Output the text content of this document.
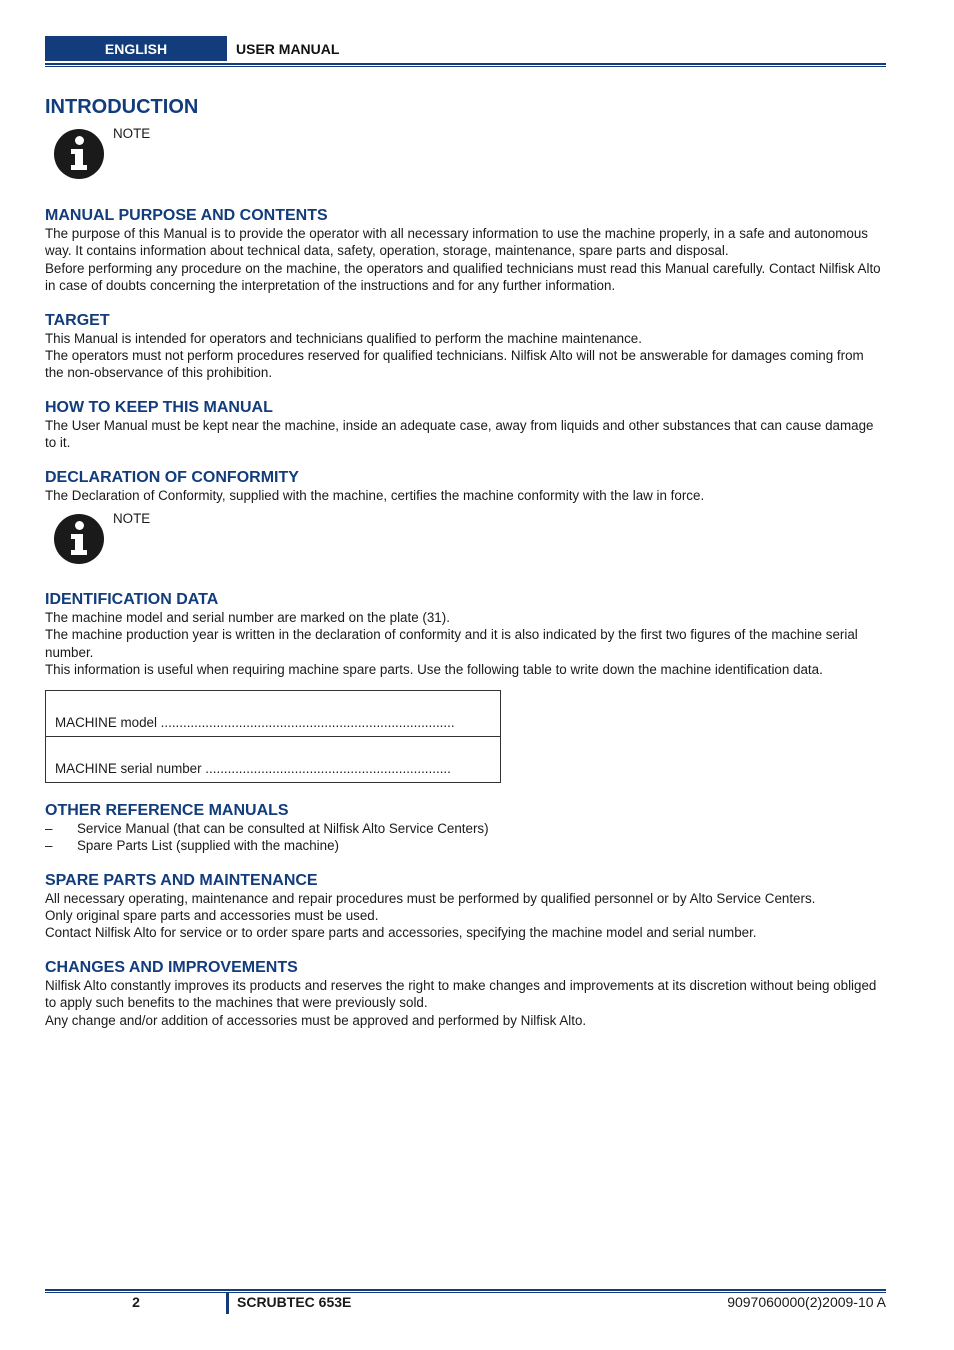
ENGLISH	USER MANUAL
INTRODUCTION
NOTE
MANUAL PURPOSE AND CONTENTS

The purpose of this Manual is to provide the operator with all necessary information to use the machine properly, in a safe and autonomous way. It contains information about technical data, safety, operation, storage, maintenance, spare parts and disposal.

Before performing any procedure on the machine, the operators and qualified technicians must read this Manual carefully. Contact Nilfisk Alto in case of doubts concerning the interpretation of the instructions and for any further information.

TARGET

This Manual is intended for operators and technicians qualified to perform the machine maintenance.

The operators must not perform procedures reserved for qualified technicians. Nilfisk Alto will not be answerable for damages coming from the non-observance of this prohibition.

HOW TO KEEP THIS MANUAL

The User Manual must be kept near the machine, inside an adequate case, away from liquids and other substances that can cause damage to it.

DECLARATION OF CONFORMITY

The Declaration of Conformity, supplied with the machine, certifies the machine conformity with the law in force.

NOTE
IDENTIFICATION DATA

The machine model and serial number are marked on the plate (31).

The machine production year is written in the declaration of conformity and it is also indicated by the first two figures of the machine serial number.

This information is useful when requiring machine spare parts. Use the following table to write down the machine identification data.

MACHINE model ...............................................................................
MACHINE serial number ..................................................................
OTHER REFERENCE MANUALS
– Service Manual (that can be consulted at Nilfisk Alto Service Centers)
– Spare Parts List (supplied with the machine)
SPARE PARTS AND MAINTENANCE

All necessary operating, maintenance and repair procedures must be performed by qualified personnel or by Alto Service Centers.

Only original spare parts and accessories must be used.

Contact Nilfisk Alto for service or to order spare parts and accessories, specifying the machine model and serial number.

CHANGES AND IMPROVEMENTS

Nilfisk Alto constantly improves its products and reserves the right to make changes and improvements at its discretion without being obliged to apply such benefits to the machines that were previously sold.

Any change and/or addition of accessories must be approved and performed by Nilfisk Alto.

2	SCRUBTEC 653E	9097060000(2)2009-10 A
